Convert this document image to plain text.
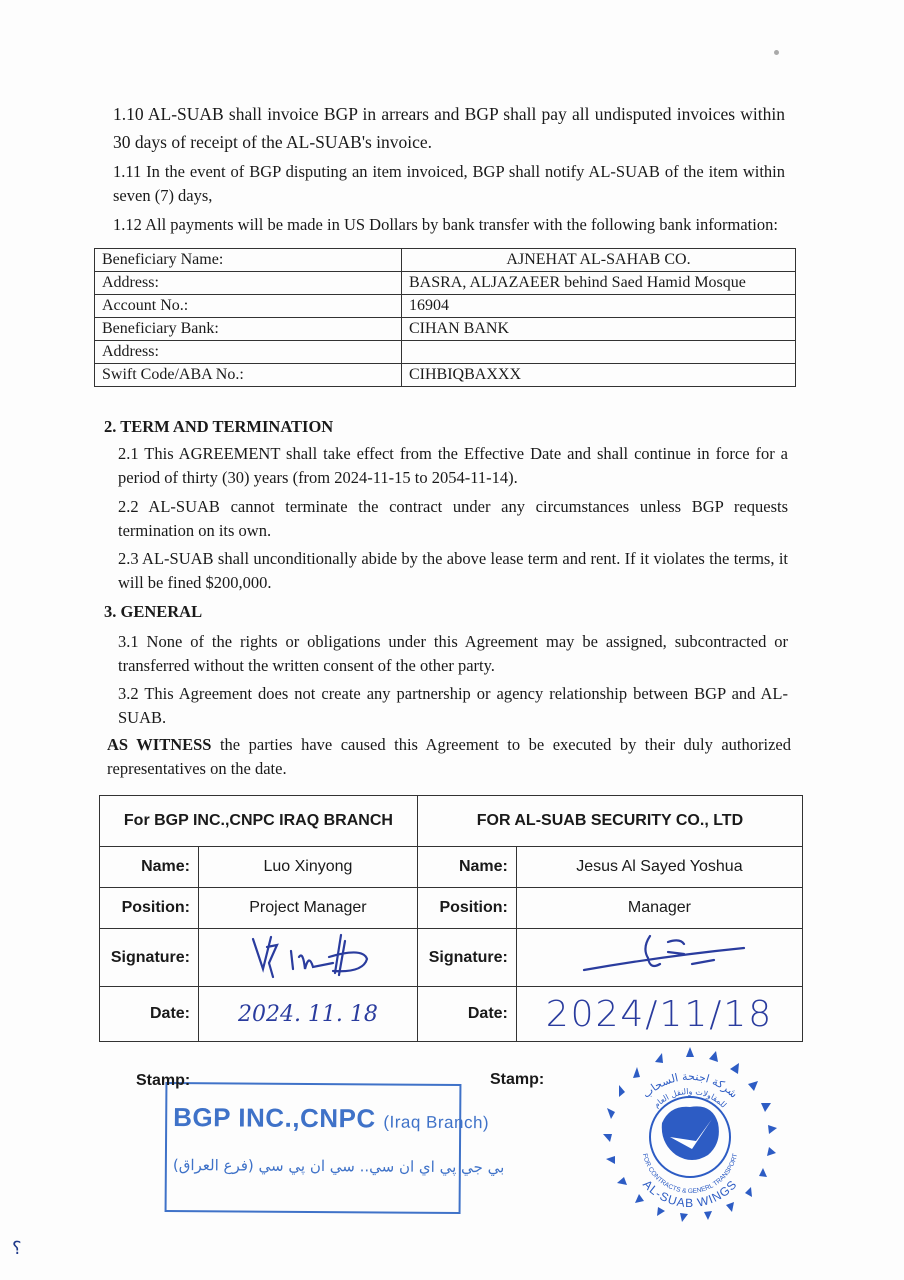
1.10 AL-SUAB shall invoice BGP in arrears and BGP shall pay all undisputed invoices within 30 days of receipt of the AL-SUAB's invoice.

1.11 In the event of BGP disputing an item invoiced, BGP shall notify AL-SUAB of the item within seven (7) days,

1.12 All payments will be made in US Dollars by bank transfer with the following bank information:

Beneficiary Name:	AJNEHAT AL-SAHAB CO.
Address:	BASRA, ALJAZAEER behind Saed Hamid Mosque
Account No.:	16904
Beneficiary Bank:	CIHAN BANK
Address:	
Swift Code/ABA No.:	CIHBIQBAXXX
2. TERM AND TERMINATION

2.1 This AGREEMENT shall take effect from the Effective Date and shall continue in force for a period of thirty (30) years (from 2024-11-15 to 2054-11-14).

2.2 AL-SUAB cannot terminate the contract under any circumstances unless BGP requests termination on its own.

2.3 AL-SUAB shall unconditionally abide by the above lease term and rent. If it violates the terms, it will be fined $200,000.

3. GENERAL

3.1 None of the rights or obligations under this Agreement may be assigned, subcontracted or transferred without the written consent of the other party.

3.2 This Agreement does not create any partnership or agency relationship between BGP and AL-SUAB.

AS WITNESS the parties have caused this Agreement to be executed by their duly authorized representatives on the date.

For BGP INC.,CNPC IRAQ BRANCH		FOR AL-SUAB SECURITY CO., LTD	
Name:	Luo Xinyong	Name:	Jesus Al Sayed Yoshua
Position:	Project Manager	Position:	Manager
Signature:		Signature:	
Date:	2024. 11. 18	Date:	2024/11/18
BGP INC.,CNPC (Iraq Branch)
بي جي پي اي ان سي.. سي ان پي سي (فرع العراق)
Stamp:	Stamp:
شركة اجنحة السحاب
للمقاولات والنقل العام
FOR CONTRACTS & GENERL TRANSPORT
AL-SUAB WINGS
؟
